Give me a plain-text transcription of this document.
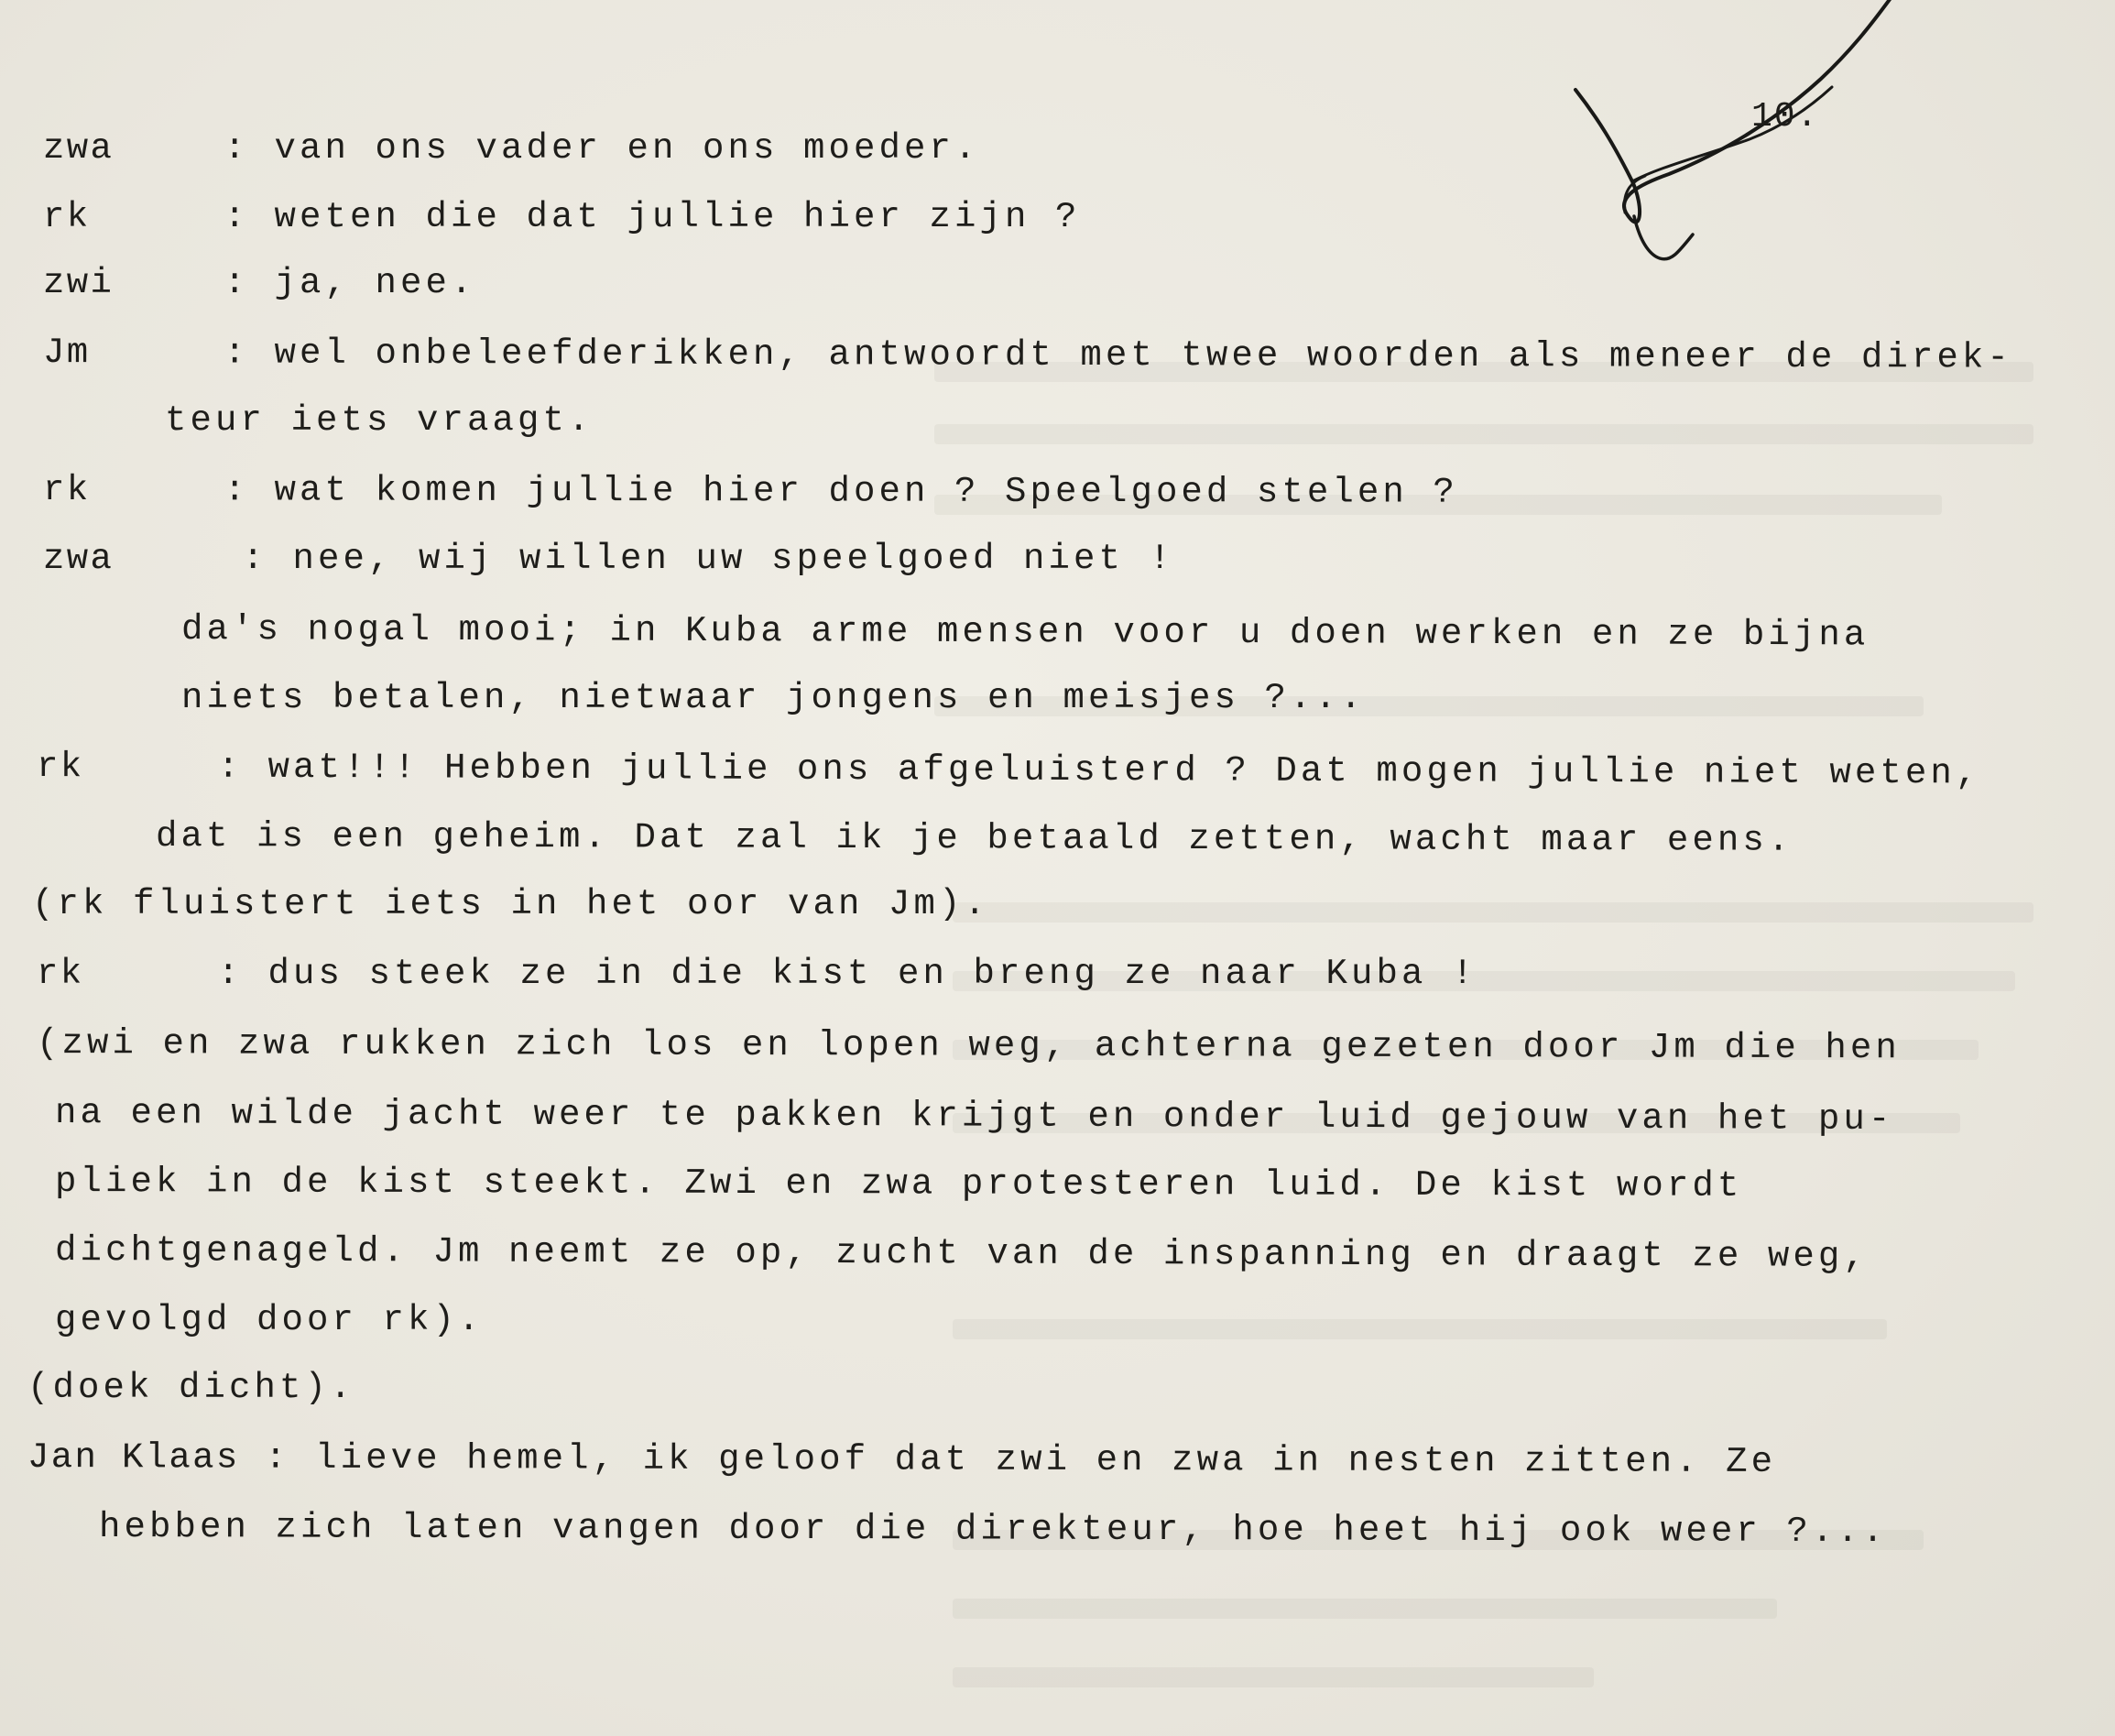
10.
zwa	: van ons vader en ons moeder.
rk	: weten die dat jullie hier zijn ?
zwi	: ja, nee.
Jm	: wel onbeleefderikken, antwoordt met twee woorden als meneer de direk-
teur iets vraagt.
rk	: wat komen jullie hier doen ? Speelgoed stelen ?
zwa	: nee, wij willen uw speelgoed niet !
da's nogal mooi; in Kuba arme mensen voor u doen werken en ze bijna
niets betalen, nietwaar jongens en meisjes ?...
rk	: wat!!! Hebben jullie ons afgeluisterd ? Dat mogen jullie niet weten,
dat is een geheim. Dat zal ik je betaald zetten, wacht maar eens.
(rk fluistert iets in het oor van Jm).
rk	: dus steek ze in die kist en breng ze naar Kuba !
(zwi en zwa rukken zich los en lopen weg, achterna gezeten door Jm die hen
na een wilde jacht weer te pakken krijgt en onder luid gejouw van het pu-
pliek in de kist steekt. Zwi en zwa protesteren luid. De kist wordt
dichtgenageld. Jm neemt ze op, zucht van de inspanning en draagt ze weg,
gevolgd door rk).
(doek dicht).
Jan Klaas : lieve hemel, ik geloof dat zwi en zwa in nesten zitten. Ze
hebben zich laten vangen door die direkteur, hoe heet hij ook weer ?...
